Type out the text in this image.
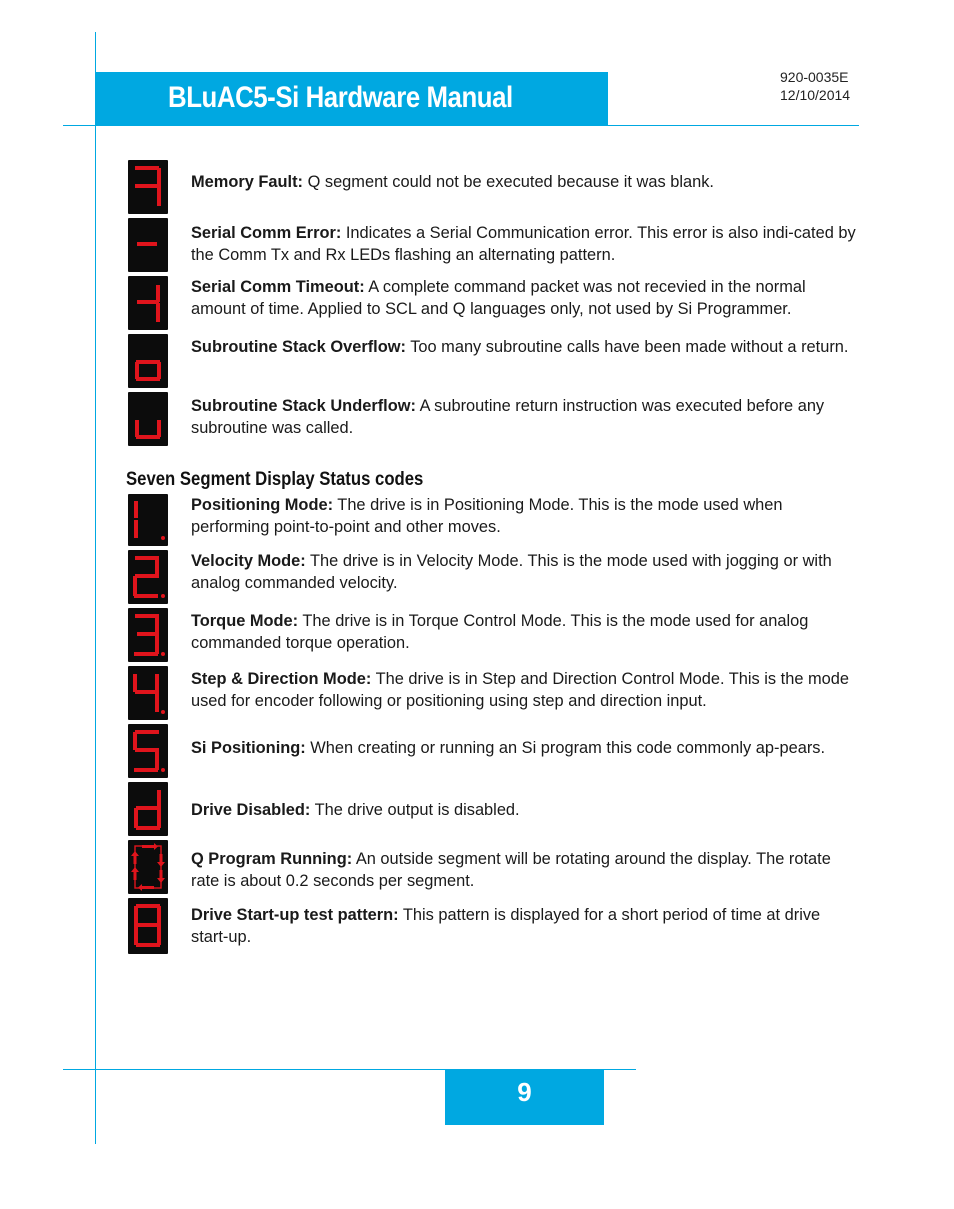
BLuAC5-Si Hardware Manual
920-0035E
12/10/2014
Memory Fault: Q segment could not be executed because it was blank.
Serial Comm Error: Indicates a Serial Communication error. This error is also indi-cated by the Comm Tx and Rx LEDs flashing an alternating pattern.
Serial Comm Timeout: A complete command packet was not recevied in the normal amount of time. Applied to SCL and Q languages only, not used by Si Programmer.
Subroutine Stack Overflow: Too many subroutine calls have been made without a return.
Subroutine Stack Underflow: A subroutine return instruction was executed before any subroutine was called.
Seven Segment Display Status codes
Positioning Mode: The drive is in Positioning Mode. This is the mode used when performing point-to-point and other moves.
Velocity Mode: The drive is in Velocity Mode. This is the mode used with jogging or with analog commanded velocity.
Torque Mode: The drive is in Torque Control Mode. This is the mode used for analog commanded torque operation.
Step & Direction Mode: The drive is in Step and Direction Control Mode. This is the mode used for encoder following or positioning using step and direction input.
Si Positioning: When creating or running an Si program this code commonly ap-pears.
Drive Disabled: The drive output is disabled.
Q Program Running: An outside segment will be rotating around the display. The rotate rate is about 0.2 seconds per segment.
Drive Start-up test pattern: This pattern is displayed for a short period of time at drive start-up.
9
